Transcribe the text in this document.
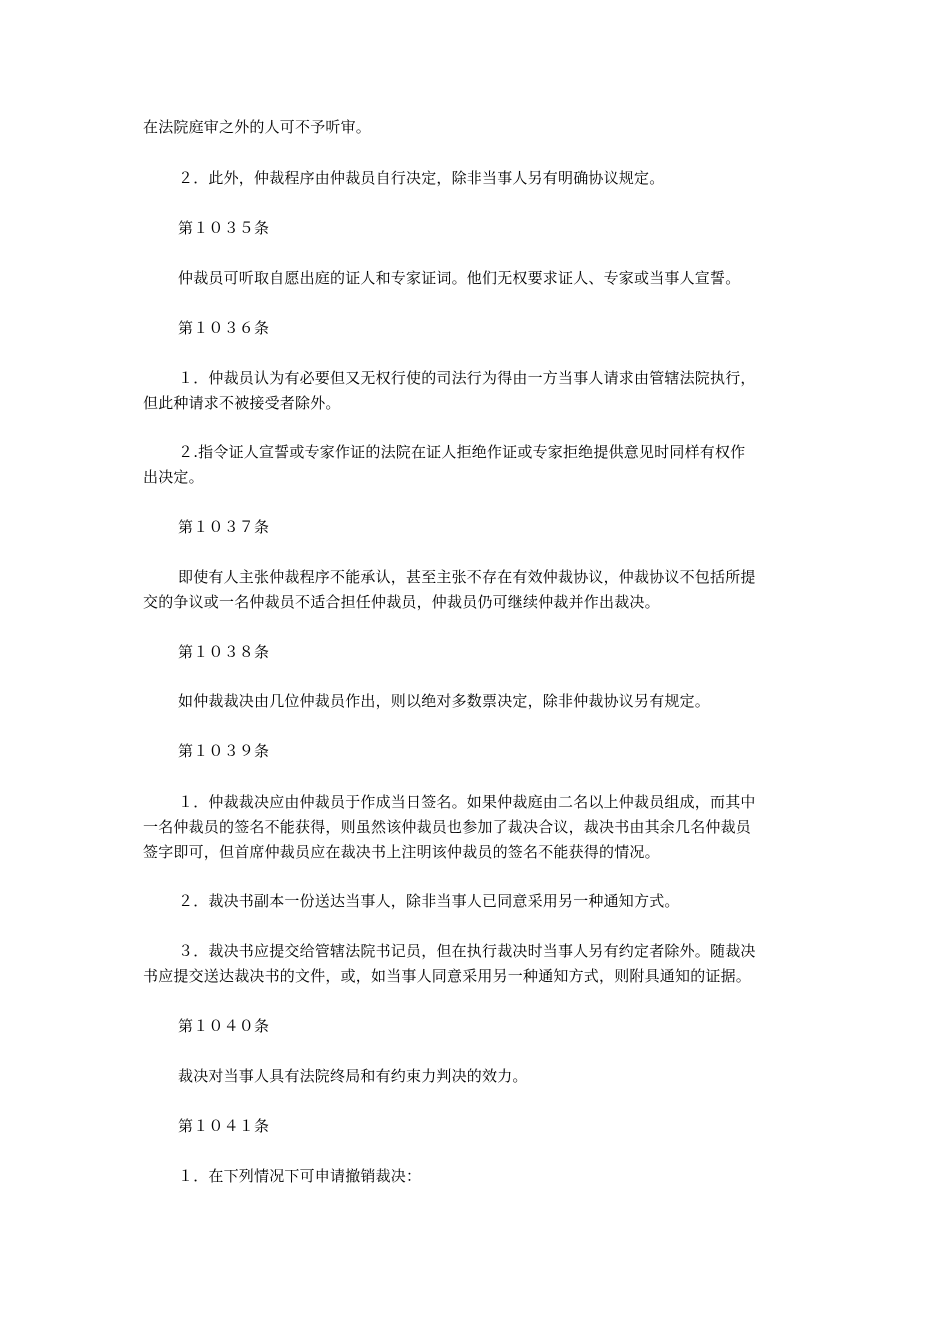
在法院庭审之外的人可不予听审。
２．此外，仲裁程序由仲裁员自行决定，除非当事人另有明确协议规定。
第１０３５条
仲裁员可听取自愿出庭的证人和专家证词。他们无权要求证人、专家或当事人宣誓。
第１０３６条
１．仲裁员认为有必要但又无权行使的司法行为得由一方当事人请求由管辖法院执行，
但此种请求不被接受者除外。
２.指令证人宣誓或专家作证的法院在证人拒绝作证或专家拒绝提供意见时同样有权作
出决定。
第１０３７条
即使有人主张仲裁程序不能承认，甚至主张不存在有效仲裁协议，仲裁协议不包括所提
交的争议或一名仲裁员不适合担任仲裁员，仲裁员仍可继续仲裁并作出裁决。
第１０３８条
如仲裁裁决由几位仲裁员作出，则以绝对多数票决定，除非仲裁协议另有规定。
第１０３９条
１．仲裁裁决应由仲裁员于作成当日签名。如果仲裁庭由二名以上仲裁员组成，而其中
一名仲裁员的签名不能获得，则虽然该仲裁员也参加了裁决合议，裁决书由其余几名仲裁员
签字即可，但首席仲裁员应在裁决书上注明该仲裁员的签名不能获得的情况。
２．裁决书副本一份送达当事人，除非当事人已同意采用另一种通知方式。
３．裁决书应提交给管辖法院书记员，但在执行裁决时当事人另有约定者除外。随裁决
书应提交送达裁决书的文件，或，如当事人同意采用另一种通知方式，则附具通知的证据。
第１０４０条
裁决对当事人具有法院终局和有约束力判决的效力。
第１０４１条
１．在下列情况下可申请撤销裁决：
